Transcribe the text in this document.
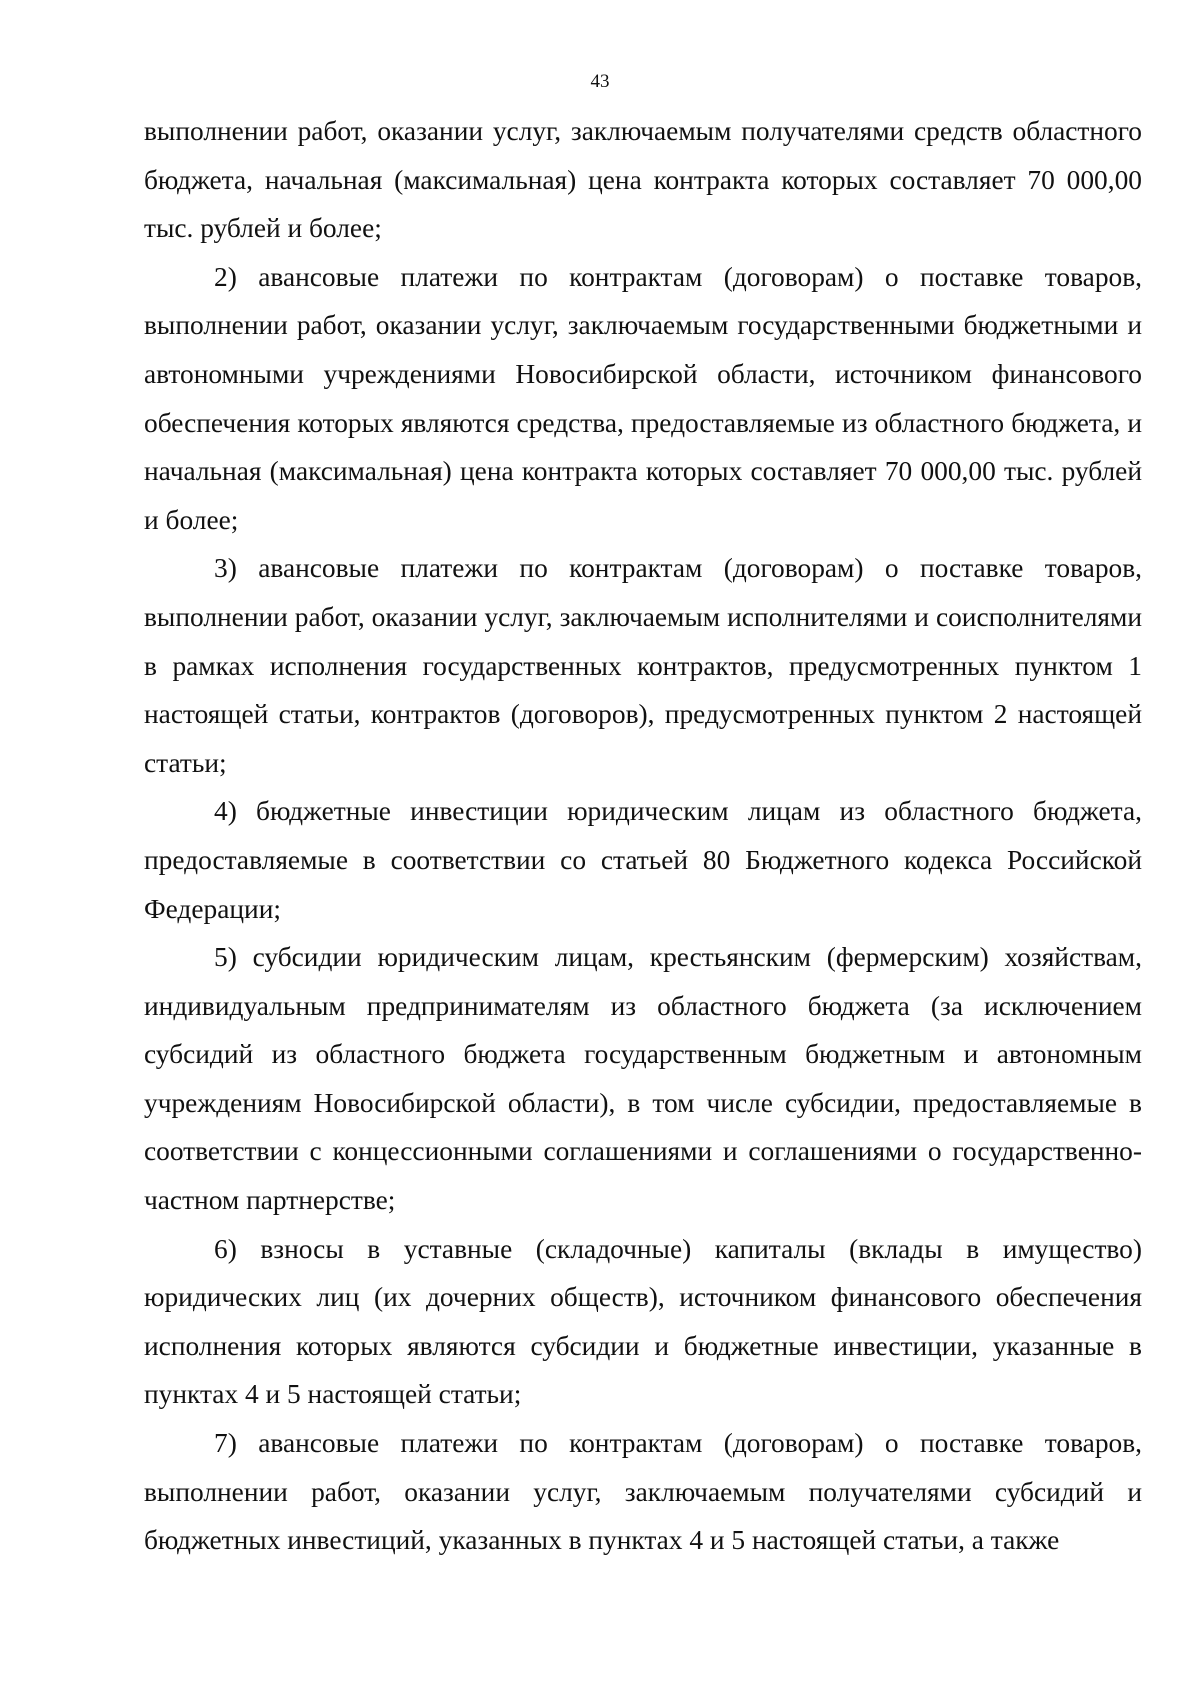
43

выполнении работ, оказании услуг, заключаемым получателями средств областного бюджета, начальная (максимальная) цена контракта которых составляет 70 000,00 тыс. рублей и более;

2) авансовые платежи по контрактам (договорам) о поставке товаров, выполнении работ, оказании услуг, заключаемым государственными бюджетными и автономными учреждениями Новосибирской области, источником финансового обеспечения которых являются средства, предоставляемые из областного бюджета, и начальная (максимальная) цена контракта которых составляет 70 000,00 тыс. рублей и более;

3) авансовые платежи по контрактам (договорам) о поставке товаров, выполнении работ, оказании услуг, заключаемым исполнителями и соисполнителями в рамках исполнения государственных контрактов, предусмотренных пунктом 1 настоящей статьи, контрактов (договоров), предусмотренных пунктом 2 настоящей статьи;

4) бюджетные инвестиции юридическим лицам из областного бюджета, предоставляемые в соответствии со статьей 80 Бюджетного кодекса Российской Федерации;

5) субсидии юридическим лицам, крестьянским (фермерским) хозяйствам, индивидуальным предпринимателям из областного бюджета (за исключением субсидий из областного бюджета государственным бюджетным и автономным учреждениям Новосибирской области), в том числе субсидии, предоставляемые в соответствии с концессионными соглашениями и соглашениями о государственно-частном партнерстве;

6) взносы в уставные (складочные) капиталы (вклады в имущество) юридических лиц (их дочерних обществ), источником финансового обеспечения исполнения которых являются субсидии и бюджетные инвестиции, указанные в пунктах 4 и 5 настоящей статьи;

7) авансовые платежи по контрактам (договорам) о поставке товаров, выполнении работ, оказании услуг, заключаемым получателями субсидий и бюджетных инвестиций, указанных в пунктах 4 и 5 настоящей статьи, а также
